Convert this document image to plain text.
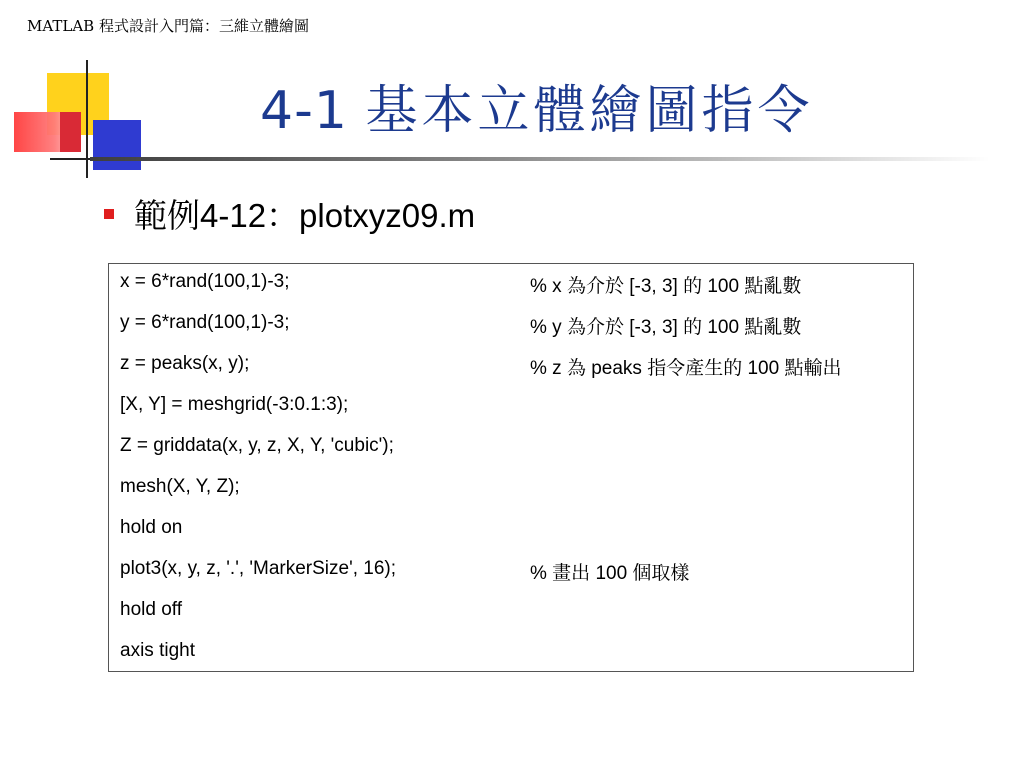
MATLAB 程式設計入門篇：三維立體繪圖
4-1 基本立體繪圖指令
範例4-12：plotxyz09.m
x = 6*rand(100,1)-3;	% x 為介於 [-3, 3] 的 100 點亂數
y = 6*rand(100,1)-3;	% y 為介於 [-3, 3] 的 100 點亂數
z = peaks(x, y);	% z 為 peaks 指令產生的 100 點輸出
[X, Y] = meshgrid(-3:0.1:3);
Z = griddata(x, y, z, X, Y, 'cubic');
mesh(X, Y, Z);
hold on
plot3(x, y, z, '.', 'MarkerSize', 16);	% 畫出 100 個取樣
hold off
axis tight
